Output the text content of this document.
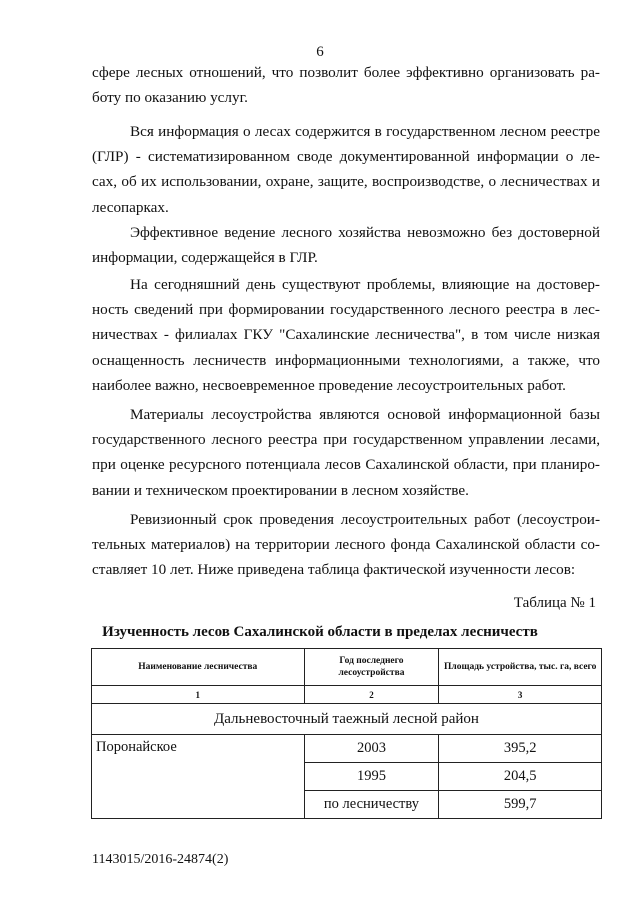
6

сфере лесных отношений, что позволит более эффективно организовать ра-
боту по оказанию услуг.

Вся информация о лесах содержится в государственном лесном реестре
(ГЛР) - систематизированном своде документированной информации о ле-
сах, об их использовании, охране, защите, воспроизводстве, о лесничествах и
лесопарках.

Эффективное ведение лесного хозяйства невозможно без достоверной
информации, содержащейся в ГЛР.

На сегодняшний день существуют проблемы, влияющие на достовер-
ность сведений при формировании государственного лесного реестра в лес-
ничествах - филиалах ГКУ "Сахалинские лесничества", в том числе низкая
оснащенность лесничеств информационными технологиями, а также, что
наиболее важно, несвоевременное проведение лесоустроительных работ.

Материалы лесоустройства являются основой информационной базы
государственного лесного реестра при государственном управлении лесами,
при оценке ресурсного потенциала лесов Сахалинской области, при планиро-
вании и техническом проектировании в лесном хозяйстве.

Ревизионный срок проведения лесоустроительных работ (лесоустрои-
тельных материалов) на территории лесного фонда Сахалинской области со-
ставляет 10 лет. Ниже приведена таблица фактической изученности лесов:

Таблица № 1
Изученность лесов Сахалинской области в пределах лесничеств
Наименование лесничества	Год последнего лесоустройства	Площадь устройства, тыс. га, всего
1	2	3
Дальневосточный таежный лесной район		
Поронайское	2003	395,2
	1995	204,5
	по лесничеству	599,7
1143015/2016-24874(2)
